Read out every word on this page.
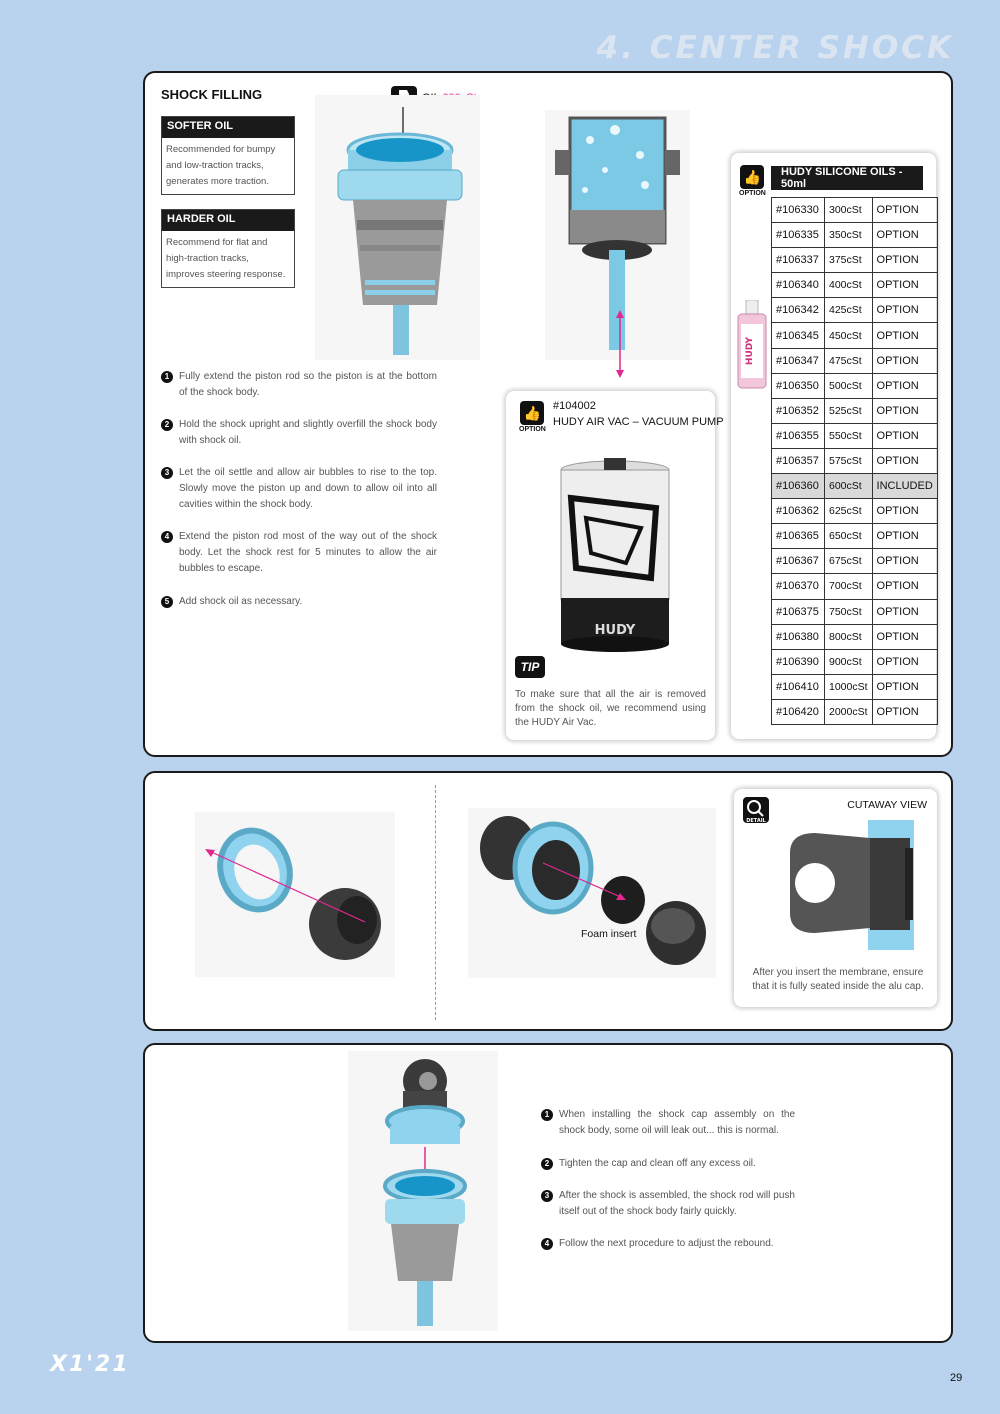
4. CENTER SHOCK
SHOCK FILLING
SOFTER OIL
Recommended for bumpy and low-traction tracks, generates more traction.
HARDER OIL
Recommend for flat and high-traction tracks, improves steering response.
1 Fully extend the piston rod so the piston is at the bottom of the shock body.
2 Hold the shock upright and slightly overfill the shock body with shock oil.
3 Let the oil settle and allow air bubbles to rise to the top. Slowly move the piston up and down to allow oil into all cavities within the shock body.
4 Extend the piston rod most of the way out of the shock body. Let the shock rest for 5 minutes to allow the air bubbles to escape.
5 Add shock oil as necessary.
👍
OPTION
#104002
HUDY AIR VAC – VACUUM PUMP
HUDY
TIP
To make sure that all the air is removed from the shock oil, we recommend using the HUDY Air Vac.
👍
OPTION
HUDY SILICONE OILS - 50ml
HUDY
#106330	300cSt	OPTION
#106335	350cSt	OPTION
#106337	375cSt	OPTION
#106340	400cSt	OPTION
#106342	425cSt	OPTION
#106345	450cSt	OPTION
#106347	475cSt	OPTION
#106350	500cSt	OPTION
#106352	525cSt	OPTION
#106355	550cSt	OPTION
#106357	575cSt	OPTION
#106360	600cSt	INCLUDED
#106362	625cSt	OPTION
#106365	650cSt	OPTION
#106367	675cSt	OPTION
#106370	700cSt	OPTION
#106375	750cSt	OPTION
#106380	800cSt	OPTION
#106390	900cSt	OPTION
#106410	1000cSt	OPTION
#106420	2000cSt	OPTION
Foam insert
DETAIL
CUTAWAY VIEW
After you insert the membrane, ensure that it is fully seated inside the alu cap.
1 When installing the shock cap assembly on the shock body, some oil will leak out... this is normal.
2 Tighten the cap and clean off any excess oil.
3 After the shock is assembled, the shock rod will push itself out of the shock body fairly quickly.
4 Follow the next procedure to adjust the rebound.
X1'21
29
